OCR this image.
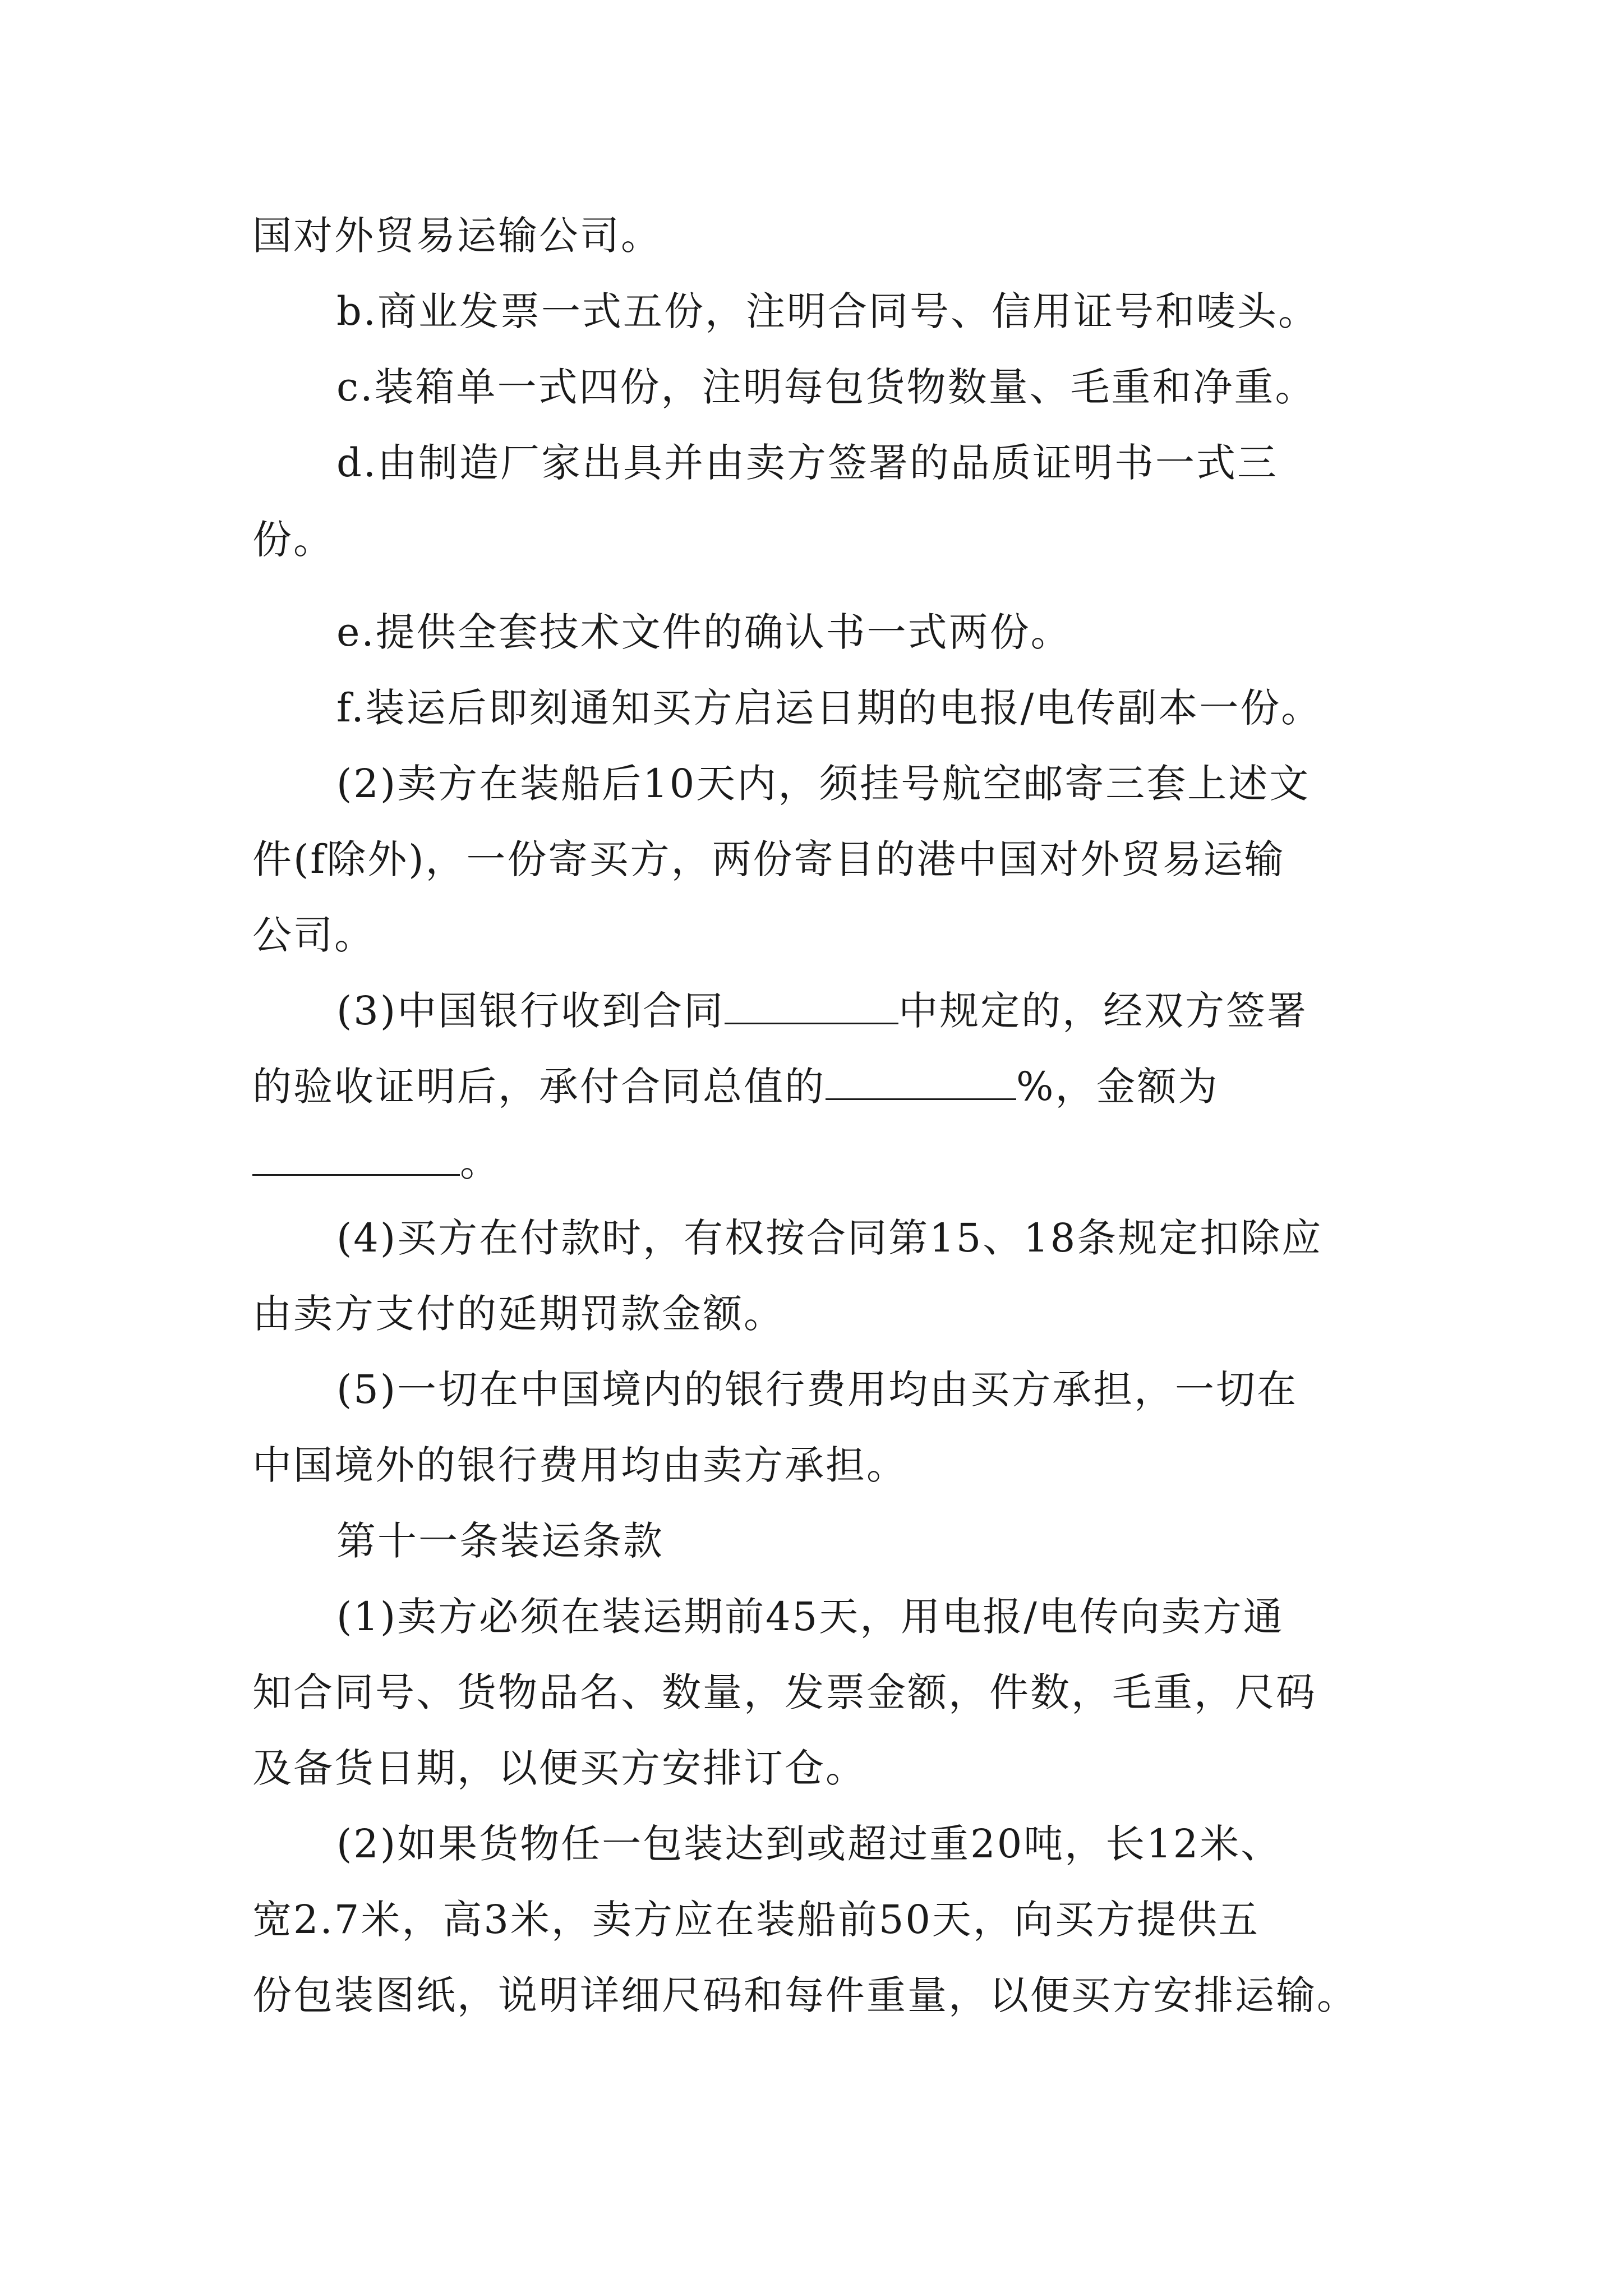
国对外贸易运输公司。
b.商业发票一式五份，注明合同号、信用证号和唛头。
c.装箱单一式四份，注明每包货物数量、毛重和净重。
d.由制造厂家出具并由卖方签署的品质证明书一式三
份。
e.提供全套技术文件的确认书一式两份。
f.装运后即刻通知买方启运日期的电报/电传副本一份。
(2)卖方在装船后10天内，须挂号航空邮寄三套上述文
件(f除外)，一份寄买方，两份寄目的港中国对外贸易运输
公司。
(3)中国银行收到合同	中规定的，经双方签署
的验收证明后，承付合同总值的	%，金额为
。
(4)买方在付款时，有权按合同第15、18条规定扣除应
由卖方支付的延期罚款金额。
(5)一切在中国境内的银行费用均由买方承担，一切在
中国境外的银行费用均由卖方承担。
第十一条装运条款
(1)卖方必须在装运期前45天，用电报/电传向卖方通
知合同号、货物品名、数量，发票金额，件数，毛重，尺码
及备货日期，以便买方安排订仓。
(2)如果货物任一包装达到或超过重20吨，长12米、
宽2.7米，高3米，卖方应在装船前50天，向买方提供五
份包装图纸，说明详细尺码和每件重量，以便买方安排运输。
